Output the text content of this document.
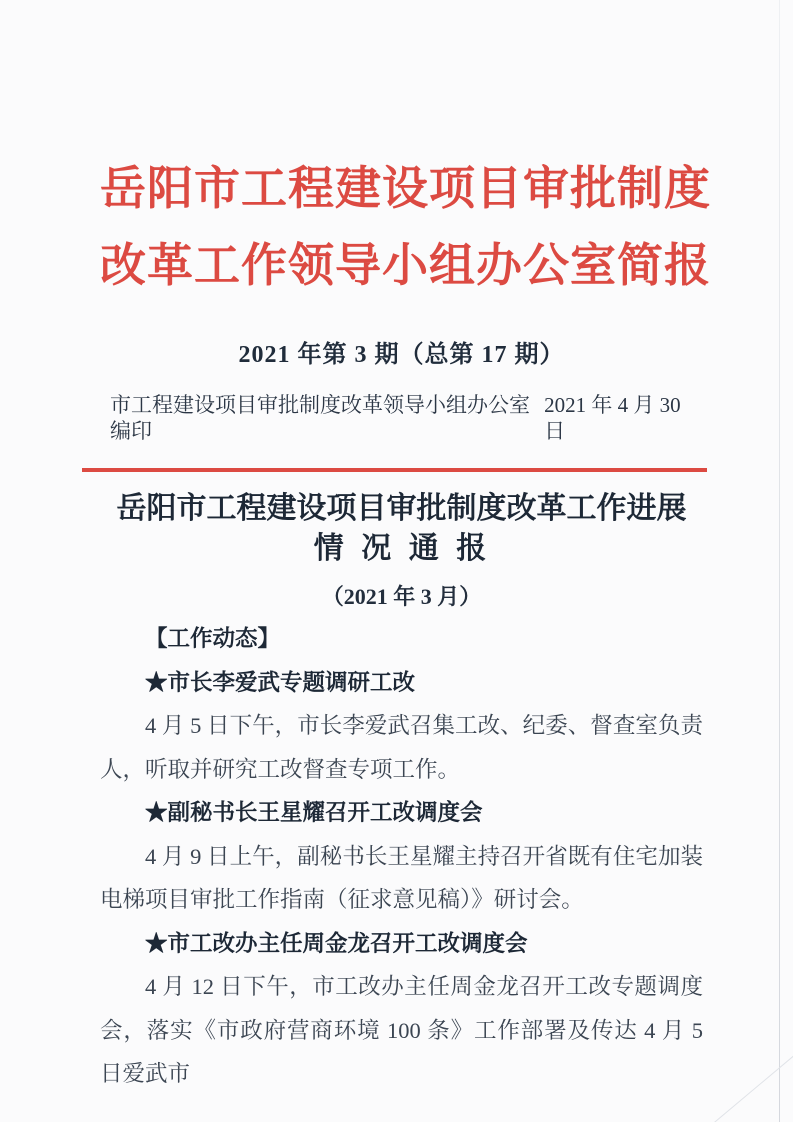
岳阳市工程建设项目审批制度
改革工作领导小组办公室简报
2021 年第 3 期（总第 17 期）
市工程建设项目审批制度改革领导小组办公室编印
2021 年 4 月 30 日
岳阳市工程建设项目审批制度改革工作进展
情 况 通 报
（2021 年 3 月）
【工作动态】
★市长李爱武专题调研工改

4 月 5 日下午，市长李爱武召集工改、纪委、督查室负责人，听取并研究工改督查专项工作。

★副秘书长王星耀召开工改调度会

4 月 9 日上午，副秘书长王星耀主持召开省既有住宅加装电梯项目审批工作指南（征求意见稿）》研讨会。

★市工改办主任周金龙召开工改调度会

4 月 12 日下午，市工改办主任周金龙召开工改专题调度会，落实《市政府营商环境 100 条》工作部署及传达 4 月 5 日爱武市
